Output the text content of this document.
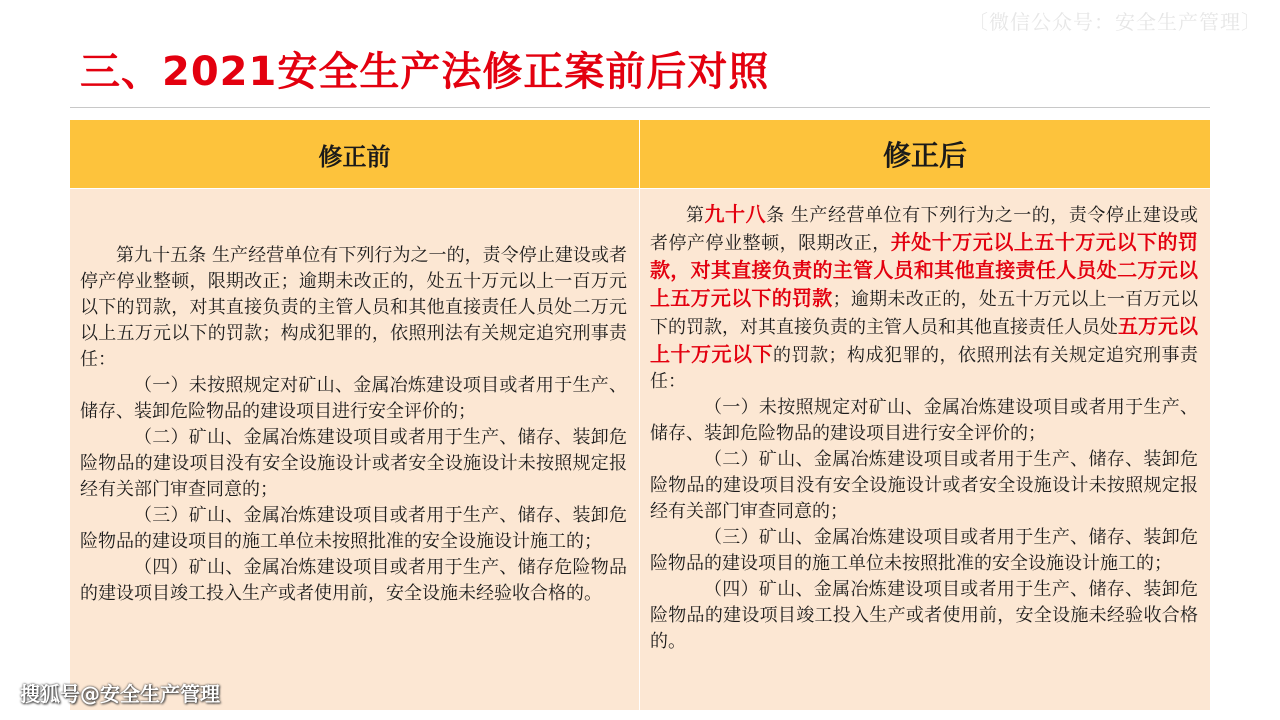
〔微信公众号：安全生产管理〕
三、2021安全生产法修正案前后对照
修正前	修正后

第九十五条 生产经营单位有下列行为之一的，责令停止建设或者停产停业整顿，限期改正；逾期未改正的，处五十万元以上一百万元以下的罚款，对其直接负责的主管人员和其他直接责任人员处二万元以上五万元以下的罚款；构成犯罪的，依照刑法有关规定追究刑事责任：

（一）未按照规定对矿山、金属冶炼建设项目或者用于生产、储存、装卸危险物品的建设项目进行安全评价的；

（二）矿山、金属冶炼建设项目或者用于生产、储存、装卸危险物品的建设项目没有安全设施设计或者安全设施设计未按照规定报经有关部门审查同意的；

（三）矿山、金属冶炼建设项目或者用于生产、储存、装卸危险物品的建设项目的施工单位未按照批准的安全设施设计施工的；

（四）矿山、金属冶炼建设项目或者用于生产、储存危险物品的建设项目竣工投入生产或者使用前，安全设施未经验收合格的。

第九十八条 生产经营单位有下列行为之一的，责令停止建设或者停产停业整顿，限期改正，并处十万元以上五十万元以下的罚款，对其直接负责的主管人员和其他直接责任人员处二万元以上五万元以下的罚款；逾期未改正的，处五十万元以上一百万元以下的罚款，对其直接负责的主管人员和其他直接责任人员处五万元以上十万元以下的罚款；构成犯罪的，依照刑法有关规定追究刑事责任：

（一）未按照规定对矿山、金属冶炼建设项目或者用于生产、储存、装卸危险物品的建设项目进行安全评价的；

（二）矿山、金属冶炼建设项目或者用于生产、储存、装卸危险物品的建设项目没有安全设施设计或者安全设施设计未按照规定报经有关部门审查同意的；

（三）矿山、金属冶炼建设项目或者用于生产、储存、装卸危险物品的建设项目的施工单位未按照批准的安全设施设计施工的；

（四）矿山、金属冶炼建设项目或者用于生产、储存、装卸危险物品的建设项目竣工投入生产或者使用前，安全设施未经验收合格的。

搜狐号@安全生产管理
